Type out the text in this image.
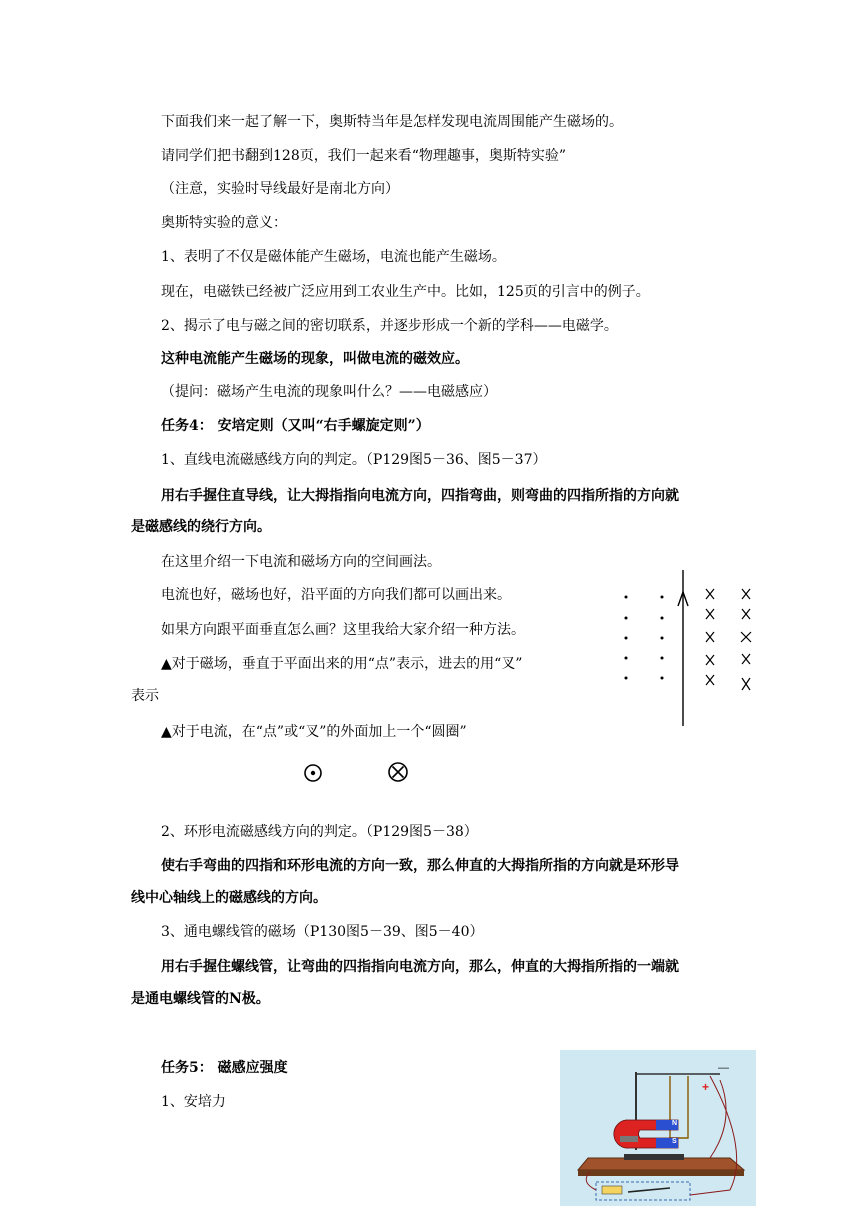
下面我们来一起了解一下，奥斯特当年是怎样发现电流周围能产生磁场的。
请同学们把书翻到128页，我们一起来看“物理趣事，奥斯特实验”
（注意，实验时导线最好是南北方向）
奥斯特实验的意义：
1、表明了不仅是磁体能产生磁场，电流也能产生磁场。
现在，电磁铁已经被广泛应用到工农业生产中。比如，125页的引言中的例子。
2、揭示了电与磁之间的密切联系，并逐步形成一个新的学科——电磁学。
这种电流能产生磁场的现象，叫做电流的磁效应。
（提问：磁场产生电流的现象叫什么？——电磁感应）
任务4： 安培定则（又叫“右手螺旋定则”）
1、直线电流磁感线方向的判定。（P129图5－36、图5－37）
用右手握住直导线，让大拇指指向电流方向，四指弯曲，则弯曲的四指所指的方向就
是磁感线的绕行方向。
在这里介绍一下电流和磁场方向的空间画法。
电流也好，磁场也好，沿平面的方向我们都可以画出来。
如果方向跟平面垂直怎么画？这里我给大家介绍一种方法。
▲对于磁场，垂直于平面出来的用“点”表示，进去的用“叉”
表示
▲对于电流，在“点”或“叉”的外面加上一个“圆圈”
2、环形电流磁感线方向的判定。（P129图5－38）
使右手弯曲的四指和环形电流的方向一致，那么伸直的大拇指所指的方向就是环形导
线中心轴线上的磁感线的方向。
3、通电螺线管的磁场（P130图5－39、图5－40）
用右手握住螺线管，让弯曲的四指指向电流方向，那么，伸直的大拇指所指的一端就
是通电螺线管的N极。
任务5： 磁感应强度
1、安培力
N
S
+
—
